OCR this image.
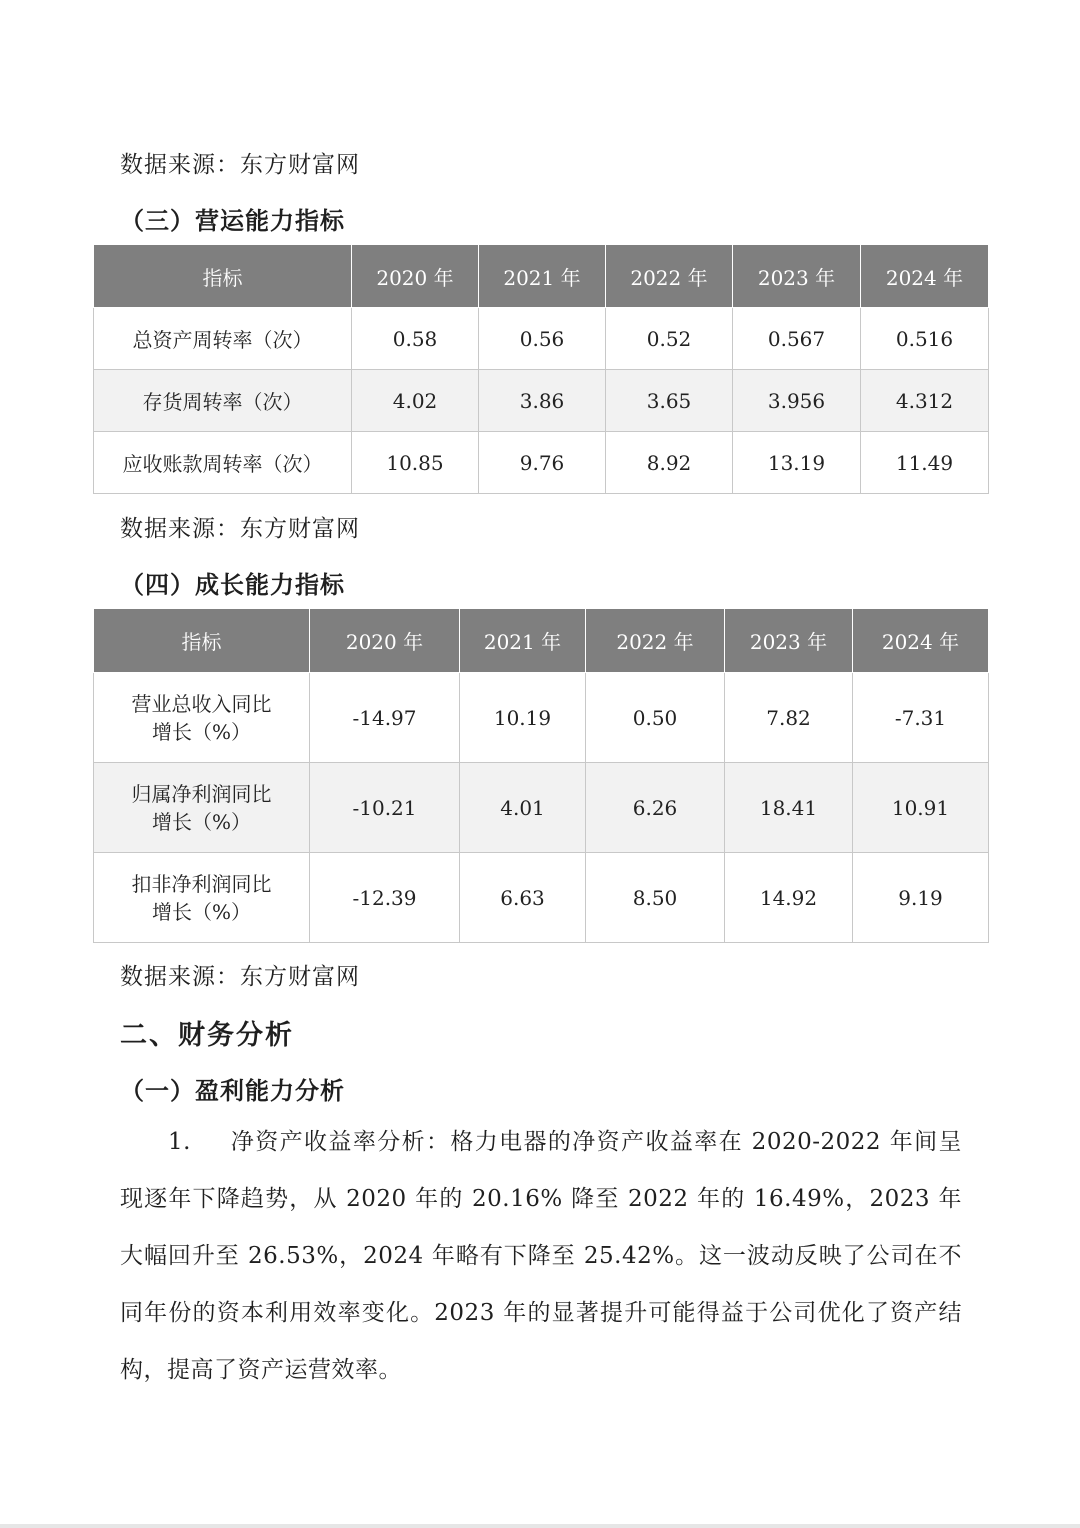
数据来源：东方财富网
（三）营运能力指标
指标	2020 年	2021 年	2022 年	2023 年	2024 年
总资产周转率（次）	0.58	0.56	0.52	0.567	0.516
存货周转率（次）	4.02	3.86	3.65	3.956	4.312
应收账款周转率（次）	10.85	9.76	8.92	13.19	11.49
数据来源：东方财富网
（四）成长能力指标
指标	2020 年	2021 年	2022 年	2023 年	2024 年

营业总收入同比
增长（%）	-14.97	10.19	0.50	7.82	-7.31

归属净利润同比
增长（%）	-10.21	4.01	6.26	18.41	10.91

扣非净利润同比
增长（%）	-12.39	6.63	8.50	14.92	9.19
数据来源：东方财富网
二、财务分析
（一）盈利能力分析
1. 净资产收益率分析：格力电器的净资产收益率在 2020-2022 年间呈现逐年下降趋势，从 2020 年的 20.16% 降至 2022 年的 16.49%，2023 年大幅回升至 26.53%，2024 年略有下降至 25.42%。这一波动反映了公司在不同年份的资本利用效率变化。2023 年的显著提升可能得益于公司优化了资产结构，提高了资产运营效率。
